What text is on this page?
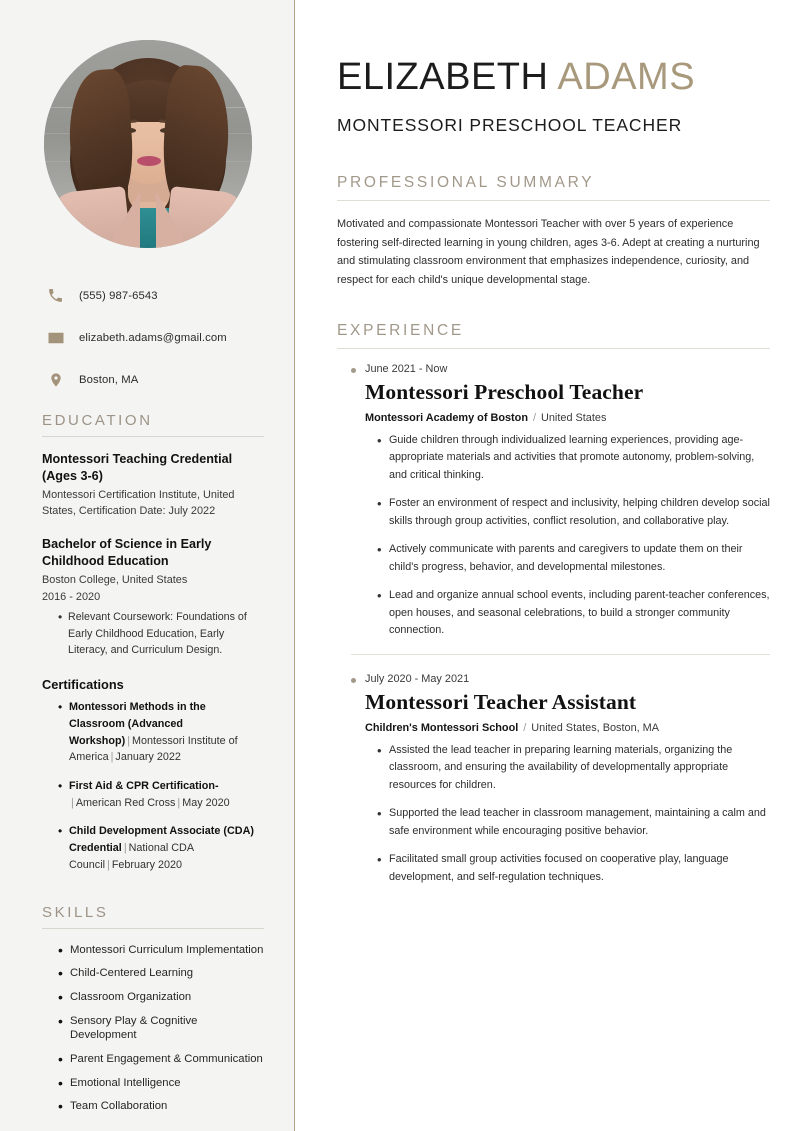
(555) 987-6543
elizabeth.adams@gmail.com
Boston, MA
EDUCATION
Montessori Teaching Credential (Ages 3-6)
Montessori Certification Institute, United States, Certification Date: July 2022
Bachelor of Science in Early Childhood Education
Boston College, United States
2016 - 2020
• Relevant Coursework: Foundations of Early Childhood Education, Early Literacy, and Curriculum Design.
Certifications
• Montessori Methods in the Classroom (Advanced Workshop) | Montessori Institute of America | January 2022
• First Aid & CPR Certification-| American Red Cross | May 2020
• Child Development Associate (CDA) Credential | National CDA Council | February 2020
SKILLS
• Montessori Curriculum Implementation
• Child-Centered Learning
• Classroom Organization
• Sensory Play & Cognitive Development
• Parent Engagement & Communication
• Emotional Intelligence
• Team Collaboration
ELIZABETH ADAMS
MONTESSORI PRESCHOOL TEACHER
PROFESSIONAL SUMMARY

Motivated and compassionate Montessori Teacher with over 5 years of experience fostering self-directed learning in young children, ages 3-6. Adept at creating a nurturing and stimulating classroom environment that emphasizes independence, curiosity, and respect for each child's unique developmental stage.

EXPERIENCE
June 2021 - Now
Montessori Preschool Teacher
Montessori Academy of Boston / United States
• Guide children through individualized learning experiences, providing age-appropriate materials and activities that promote autonomy, problem-solving, and critical thinking.
• Foster an environment of respect and inclusivity, helping children develop social skills through group activities, conflict resolution, and collaborative play.
• Actively communicate with parents and caregivers to update them on their child's progress, behavior, and developmental milestones.
• Lead and organize annual school events, including parent-teacher conferences, open houses, and seasonal celebrations, to build a stronger community connection.
July 2020 - May 2021
Montessori Teacher Assistant
Children's Montessori School / United States, Boston, MA
• Assisted the lead teacher in preparing learning materials, organizing the classroom, and ensuring the availability of developmentally appropriate resources for children.
• Supported the lead teacher in classroom management, maintaining a calm and safe environment while encouraging positive behavior.
• Facilitated small group activities focused on cooperative play, language development, and self-regulation techniques.
